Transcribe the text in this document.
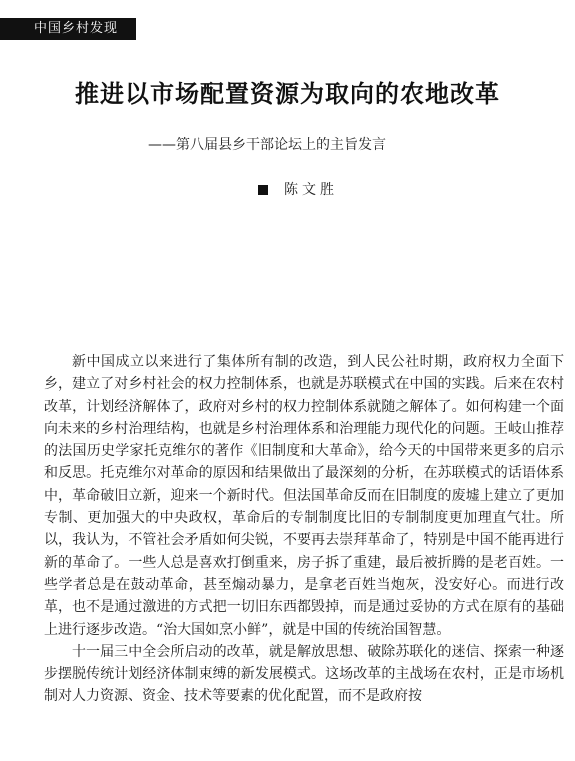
中国乡村发现
推进以市场配置资源为取向的农地改革
——第八届县乡干部论坛上的主旨发言
陈文胜

新中国成立以来进行了集体所有制的改造，到人民公社时期，政府权力全面下乡，建立了对乡村社会的权力控制体系，也就是苏联模式在中国的实践。后来在农村改革，计划经济解体了，政府对乡村的权力控制体系就随之解体了。如何构建一个面向未来的乡村治理结构，也就是乡村治理体系和治理能力现代化的问题。王岐山推荐的法国历史学家托克维尔的著作《旧制度和大革命》，给今天的中国带来更多的启示和反思。托克维尔对革命的原因和结果做出了最深刻的分析，在苏联模式的话语体系中，革命破旧立新，迎来一个新时代。但法国革命反而在旧制度的废墟上建立了更加专制、更加强大的中央政权，革命后的专制制度比旧的专制制度更加理直气壮。所以，我认为，不管社会矛盾如何尖锐，不要再去崇拜革命了，特别是中国不能再进行新的革命了。一些人总是喜欢打倒重来，房子拆了重建，最后被折腾的是老百姓。一些学者总是在鼓动革命，甚至煽动暴力，是拿老百姓当炮灰，没安好心。而进行改革，也不是通过激进的方式把一切旧东西都毁掉，而是通过妥协的方式在原有的基础上进行逐步改造。“治大国如烹小鲜”，就是中国的传统治国智慧。

十一届三中全会所启动的改革，就是解放思想、破除苏联化的迷信、探索一种逐步摆脱传统计划经济体制束缚的新发展模式。这场改革的主战场在农村，正是市场机制对人力资源、资金、技术等要素的优化配置，而不是政府按
